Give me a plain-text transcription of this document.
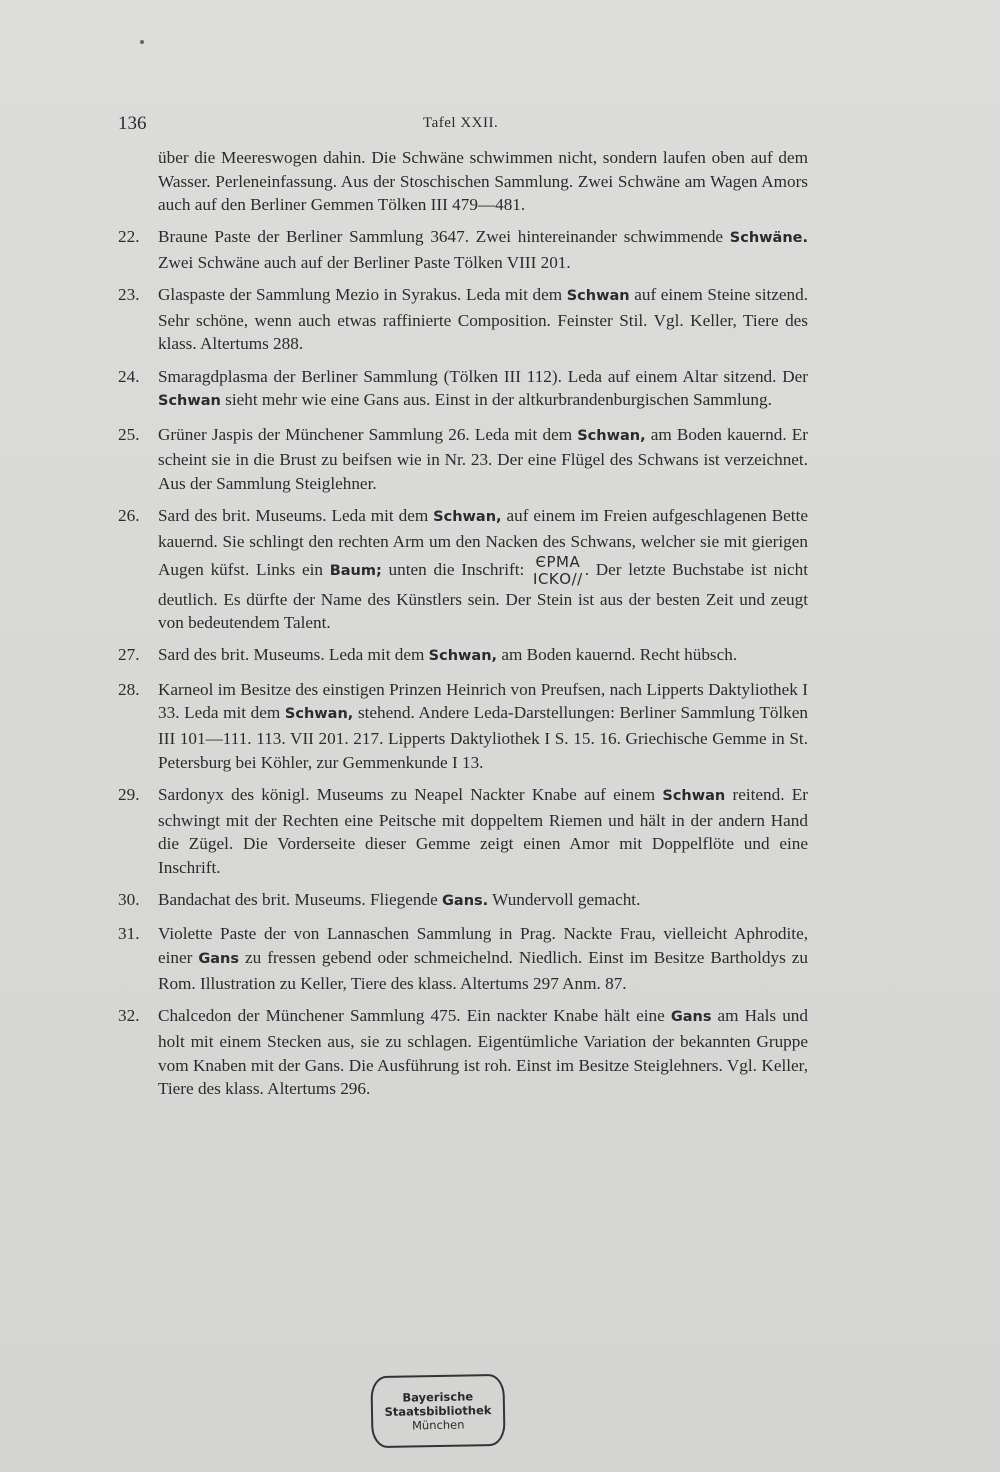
136	Tafel XXII.
über die Meereswogen dahin. Die Schwäne schwimmen nicht, sondern laufen oben auf dem Wasser. Perleneinfassung. Aus der Stoschischen Sammlung. Zwei Schwäne am Wagen Amors auch auf den Berliner Gemmen Tölken III 479—481.
22.	Braune Paste der Berliner Sammlung 3647. Zwei hintereinander schwimmende Schwäne. Zwei Schwäne auch auf der Berliner Paste Tölken VIII 201.
23.	Glaspaste der Sammlung Mezio in Syrakus. Leda mit dem Schwan auf einem Steine sitzend. Sehr schöne, wenn auch etwas raffinierte Composition. Feinster Stil. Vgl. Keller, Tiere des klass. Altertums 288.
24.	Smaragdplasma der Berliner Sammlung (Tölken III 112). Leda auf einem Altar sitzend. Der Schwan sieht mehr wie eine Gans aus. Einst in der altkurbrandenburgischen Sammlung.
25.	Grüner Jaspis der Münchener Sammlung 26. Leda mit dem Schwan, am Boden kauernd. Er scheint sie in die Brust zu beifsen wie in Nr. 23. Der eine Flügel des Schwans ist verzeichnet. Aus der Sammlung Steiglehner.
26.	Sard des brit. Museums. Leda mit dem Schwan, auf einem im Freien aufgeschlagenen Bette kauernd. Sie schlingt den rechten Arm um den Nacken des Schwans, welcher sie mit gierigen Augen küfst. Links ein Baum; unten die Inschrift: ЄΡΜΑ
ΙCΚΟ//
. Der letzte Buchstabe ist nicht deutlich. Es dürfte der Name des Künstlers sein. Der Stein ist aus der besten Zeit und zeugt von bedeutendem Talent.
27.	Sard des brit. Museums. Leda mit dem Schwan, am Boden kauernd. Recht hübsch.
28.	Karneol im Besitze des einstigen Prinzen Heinrich von Preufsen, nach Lipperts Daktyliothek I 33. Leda mit dem Schwan, stehend. Andere Leda-Darstellungen: Berliner Sammlung Tölken III 101—111. 113. VII 201. 217. Lipperts Daktyliothek I S. 15. 16. Griechische Gemme in St. Petersburg bei Köhler, zur Gemmenkunde I 13.
29.	Sardonyx des königl. Museums zu Neapel Nackter Knabe auf einem Schwan reitend. Er schwingt mit der Rechten eine Peitsche mit doppeltem Riemen und hält in der andern Hand die Zügel. Die Vorderseite dieser Gemme zeigt einen Amor mit Doppelflöte und eine Inschrift.
30.	Bandachat des brit. Museums. Fliegende Gans. Wundervoll gemacht.
31.	Violette Paste der von Lannaschen Sammlung in Prag. Nackte Frau, vielleicht Aphrodite, einer Gans zu fressen gebend oder schmeichelnd. Niedlich. Einst im Besitze Bartholdys zu Rom. Illustration zu Keller, Tiere des klass. Altertums 297 Anm. 87.
32.	Chalcedon der Münchener Sammlung 475. Ein nackter Knabe hält eine Gans am Hals und holt mit einem Stecken aus, sie zu schlagen. Eigentümliche Variation der bekannten Gruppe vom Knaben mit der Gans. Die Ausführung ist roh. Einst im Besitze Steiglehners. Vgl. Keller, Tiere des klass. Altertums 296.
Bayerische
Staatsbibliothek
München
